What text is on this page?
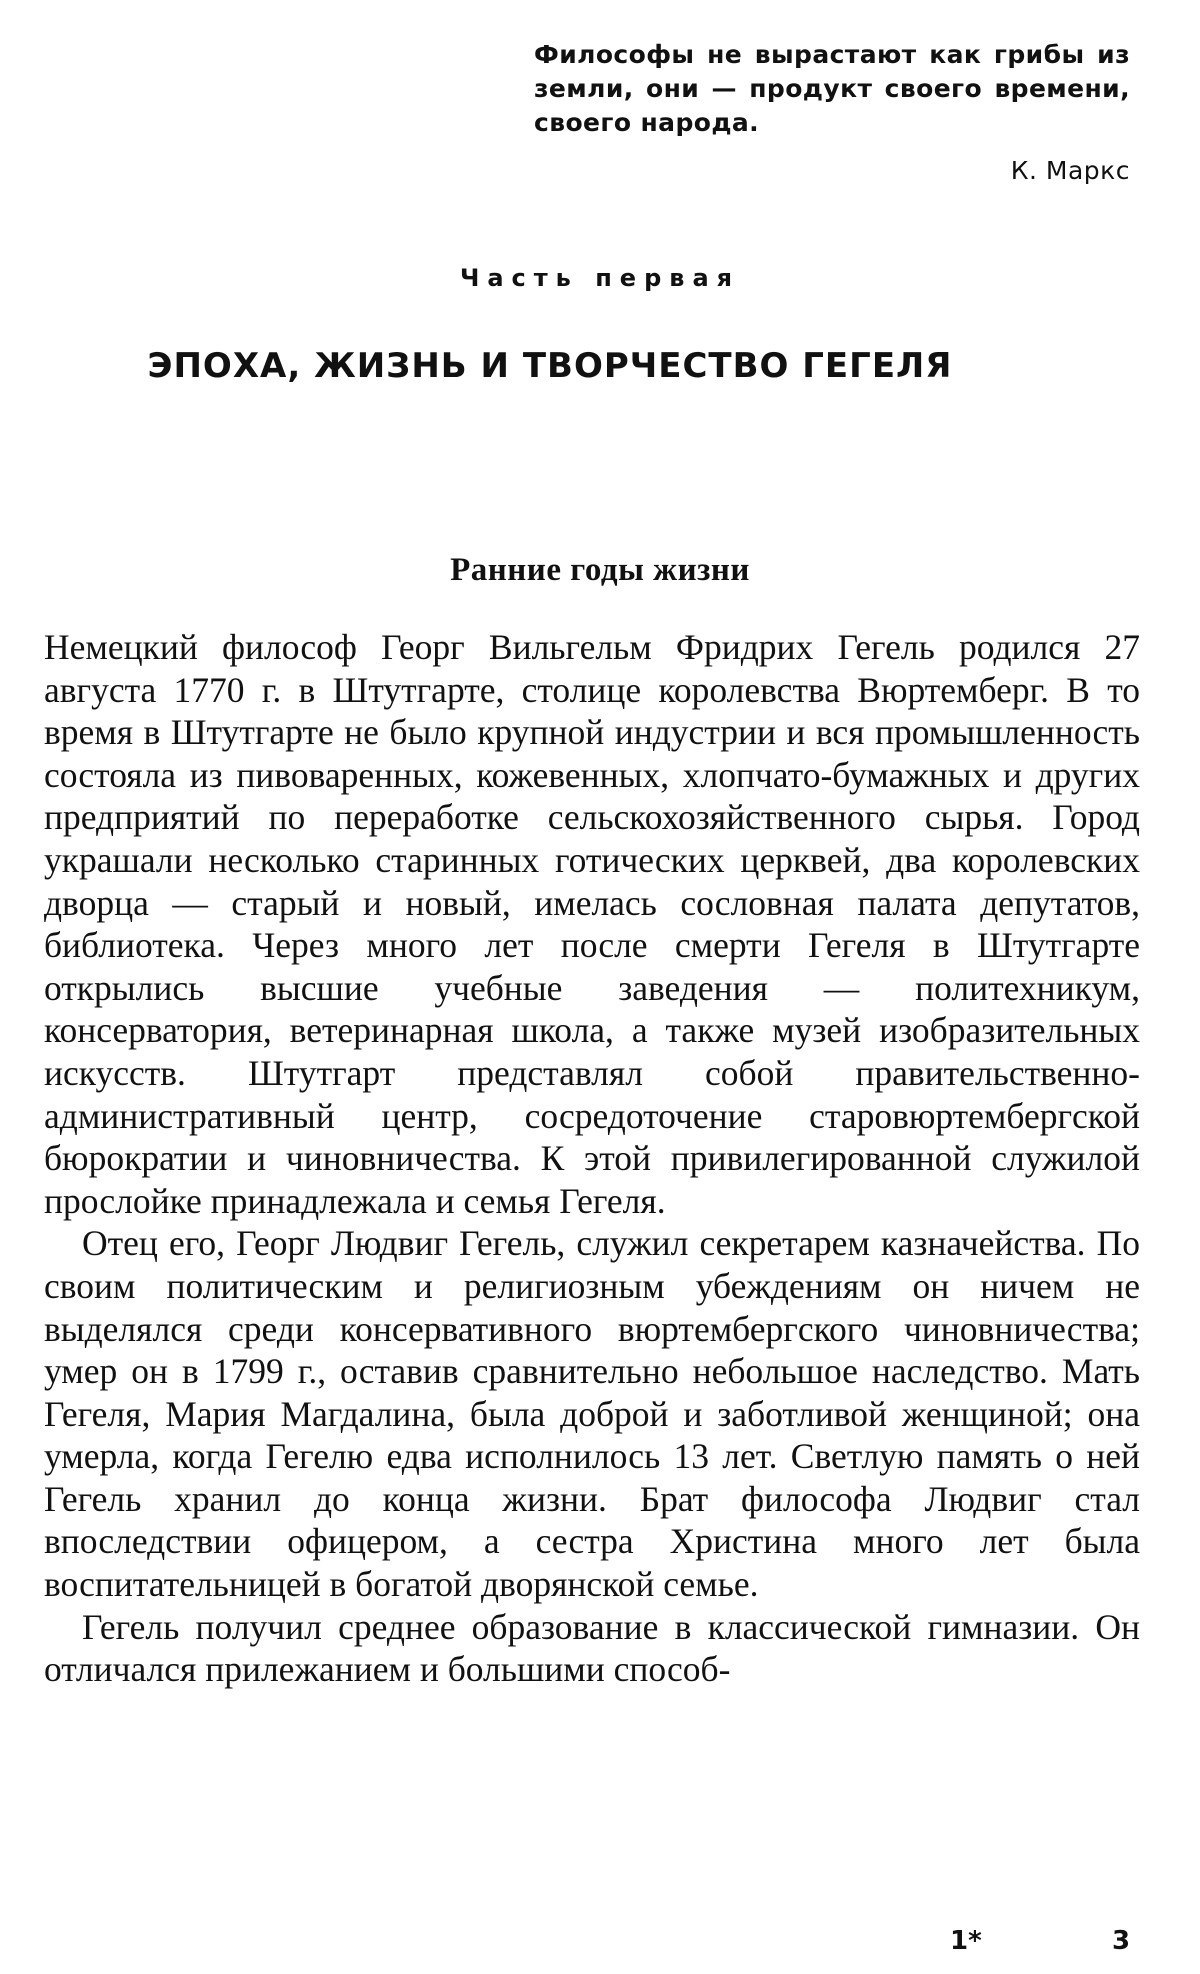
Философы не вырастают как грибы из земли, они — продукт своего времени, своего народа.
К. Маркс
Часть первая
ЭПОХА, ЖИЗНЬ И ТВОРЧЕСТВО ГЕГЕЛЯ
Ранние годы жизни

Немецкий философ Георг Вильгельм Фридрих Гегель родился 27 августа 1770 г. в Штутгарте, столице королевства Вюртемберг. В то время в Штутгарте не было крупной индустрии и вся промышленность состояла из пивоваренных, кожевенных, хлопчато-бумажных и других предприятий по переработке сельскохозяйственного сырья. Город украшали несколько старинных готических церквей, два королевских дворца — старый и новый, имелась сословная палата депутатов, библиотека. Через много лет после смерти Гегеля в Штутгарте открылись высшие учебные заведения — политехникум, консерватория, ветеринарная школа, а также музей изобразительных искусств. Штутгарт представлял собой правительственно-административный центр, сосредоточение старовюртембергской бюрократии и чиновничества. К этой привилегированной служилой прослойке принадлежала и семья Гегеля.

Отец его, Георг Людвиг Гегель, служил секретарем казначейства. По своим политическим и религиозным убеждениям он ничем не выделялся среди консервативного вюртембергского чиновничества; умер он в 1799 г., оставив сравнительно небольшое наследство. Мать Гегеля, Мария Магдалина, была доброй и заботливой женщиной; она умерла, когда Гегелю едва исполнилось 13 лет. Светлую память о ней Гегель хранил до конца жизни. Брат философа Людвиг стал впоследствии офицером, а сестра Христина много лет была воспитательницей в богатой дворянской семье.

Гегель получил среднее образование в классической гимназии. Он отличался прилежанием и большими способ-

1*	3
